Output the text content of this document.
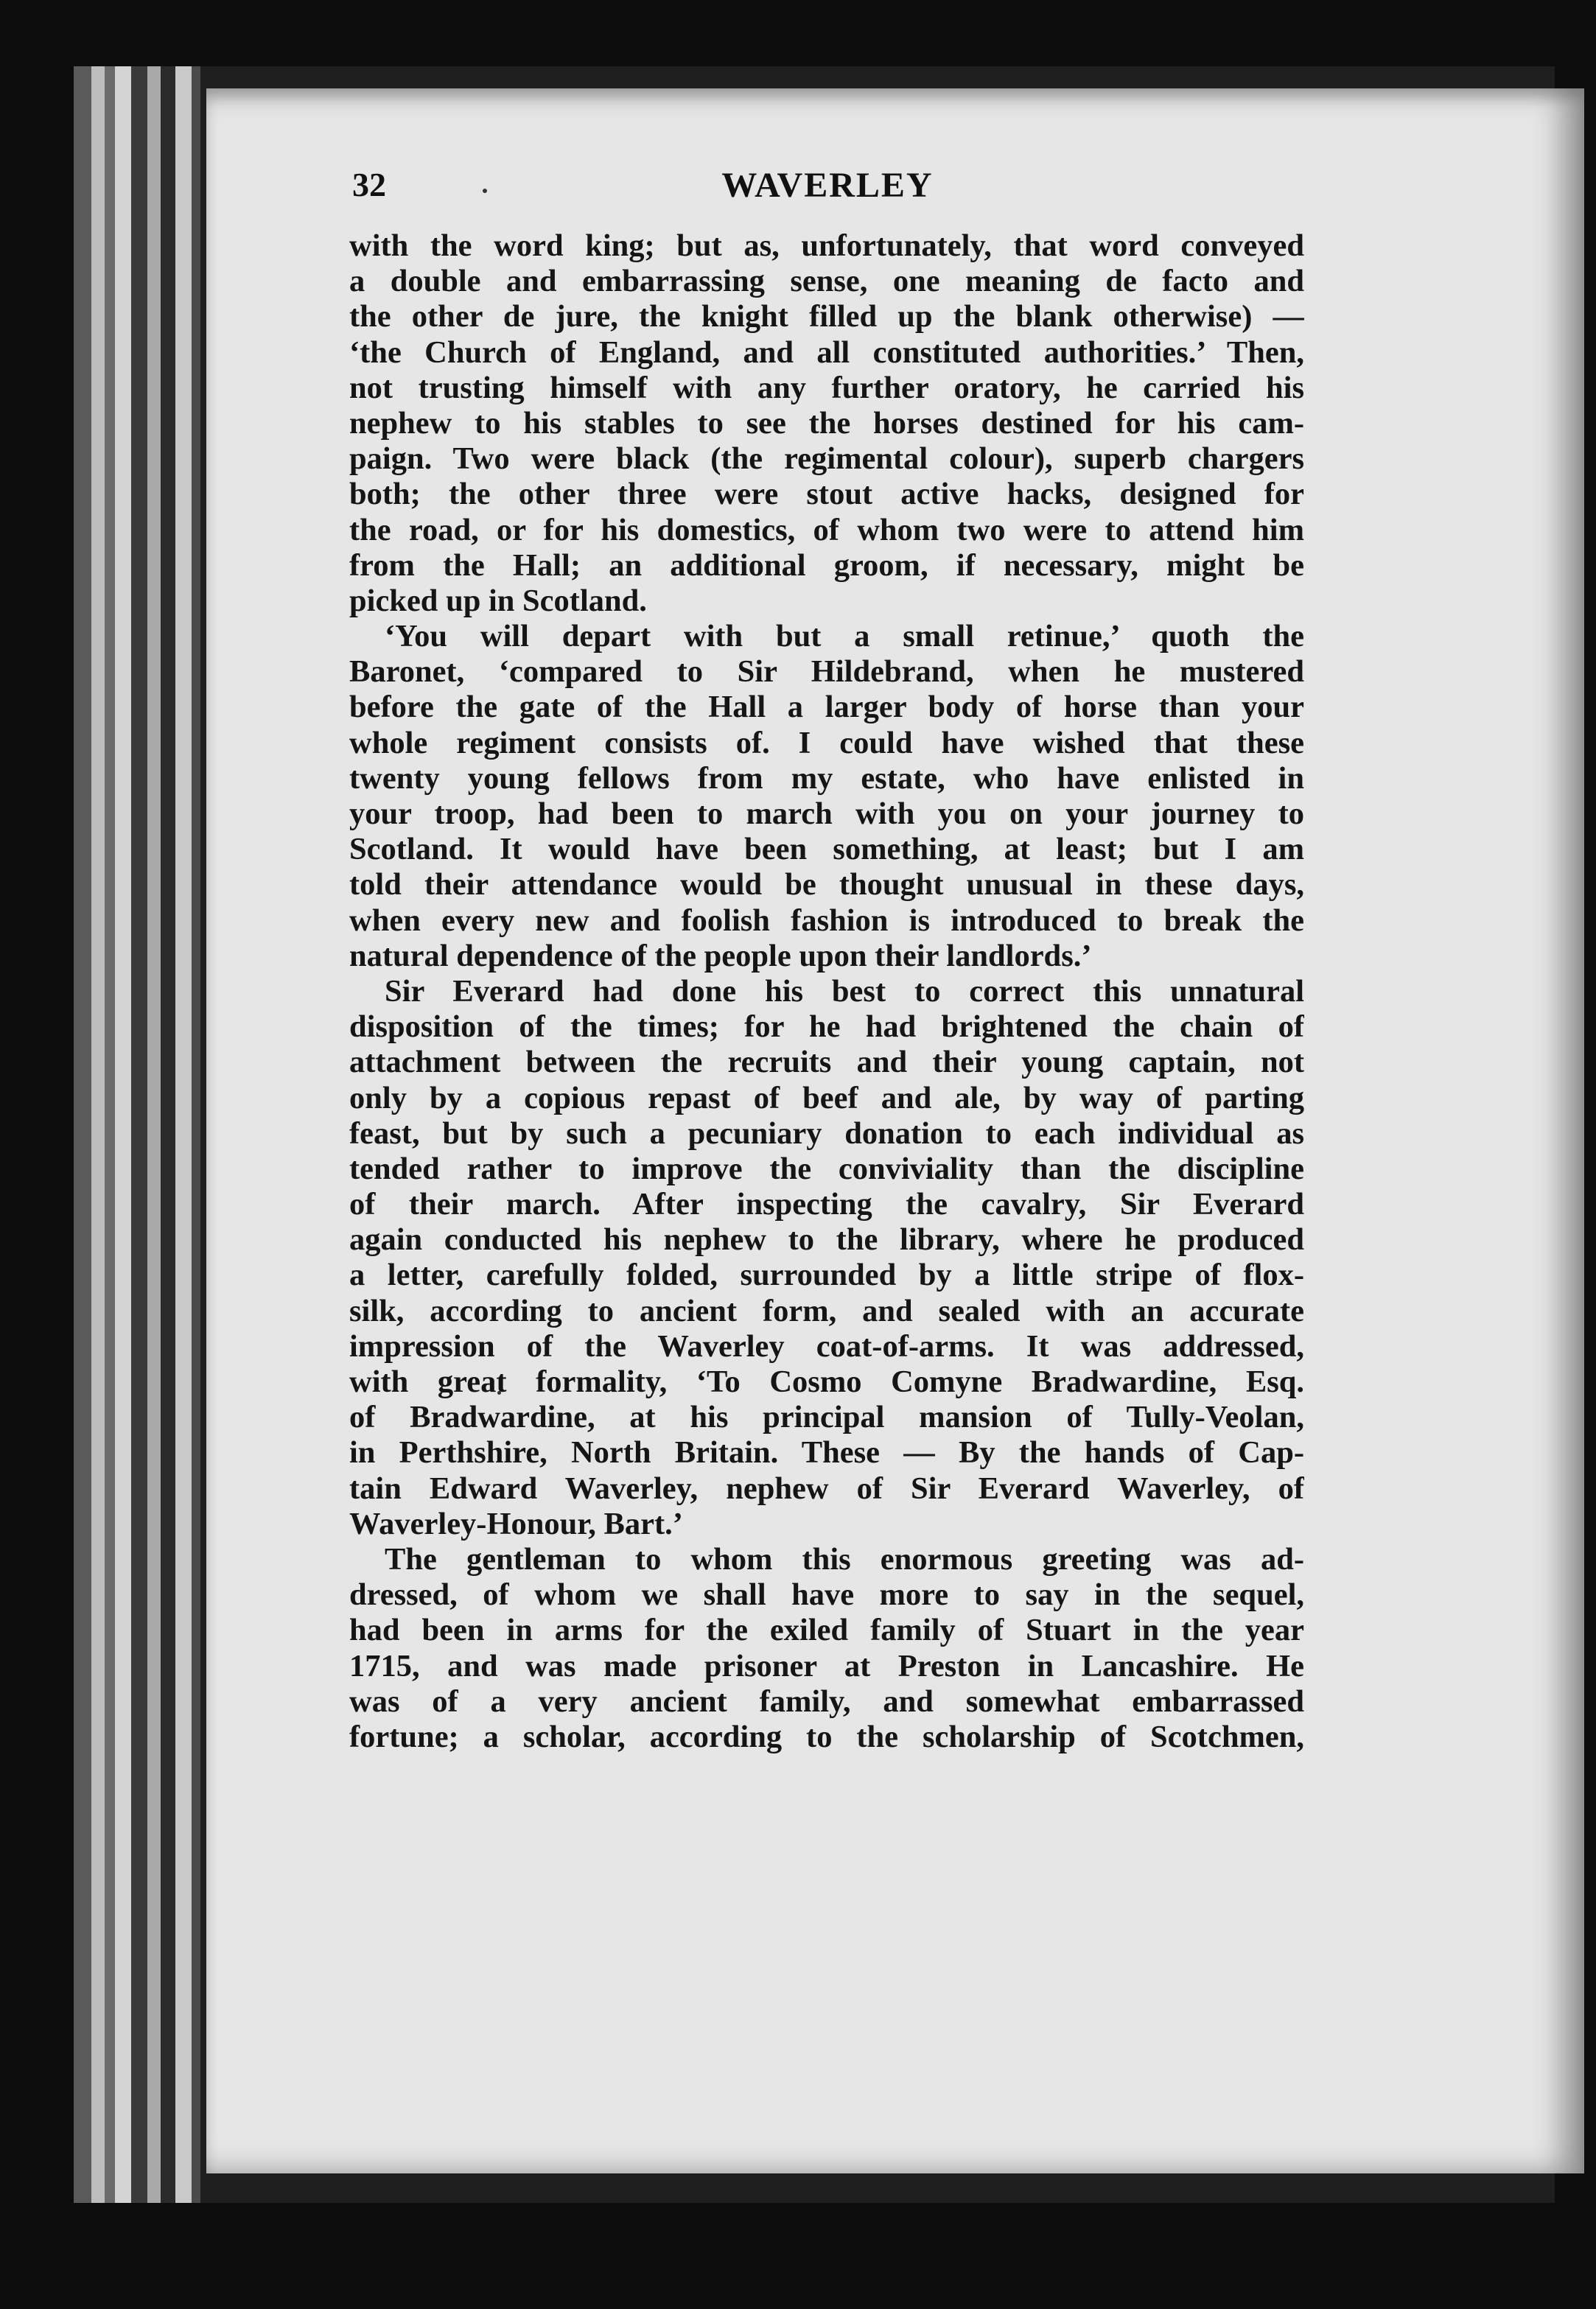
32	WAVERLEY
with the word king; but as, unfortunately, that word conveyed
a double and embarrassing sense, one meaning de facto and
the other de jure, the knight filled up the blank otherwise) —
‘the Church of England, and all constituted authorities.’ Then,
not trusting himself with any further oratory, he carried his
nephew to his stables to see the horses destined for his cam-
paign. Two were black (the regimental colour), superb chargers
both; the other three were stout active hacks, designed for
the road, or for his domestics, of whom two were to attend him
from the Hall; an additional groom, if necessary, might be
picked up in Scotland.
‘You will depart with but a small retinue,’ quoth the
Baronet, ‘compared to Sir Hildebrand, when he mustered
before the gate of the Hall a larger body of horse than your
whole regiment consists of. I could have wished that these
twenty young fellows from my estate, who have enlisted in
your troop, had been to march with you on your journey to
Scotland. It would have been something, at least; but I am
told their attendance would be thought unusual in these days,
when every new and foolish fashion is introduced to break the
natural dependence of the people upon their landlords.’
Sir Everard had done his best to correct this unnatural
disposition of the times; for he had brightened the chain of
attachment between the recruits and their young captain, not
only by a copious repast of beef and ale, by way of parting
feast, but by such a pecuniary donation to each individual as
tended rather to improve the conviviality than the discipline
of their march. After inspecting the cavalry, Sir Everard
again conducted his nephew to the library, where he produced
a letter, carefully folded, surrounded by a little stripe of flox-
silk, according to ancient form, and sealed with an accurate
impression of the Waverley coat-of-arms. It was addressed,
with great formality, ‘To Cosmo Comyne Bradwardine, Esq.
of Bradwardine, at his principal mansion of Tully-Veolan,
in Perthshire, North Britain. These — By the hands of Cap-
tain Edward Waverley, nephew of Sir Everard Waverley, of
Waverley-Honour, Bart.’
The gentleman to whom this enormous greeting was ad-
dressed, of whom we shall have more to say in the sequel,
had been in arms for the exiled family of Stuart in the year
1715, and was made prisoner at Preston in Lancashire. He
was of a very ancient family, and somewhat embarrassed
fortune; a scholar, according to the scholarship of Scotchmen,
